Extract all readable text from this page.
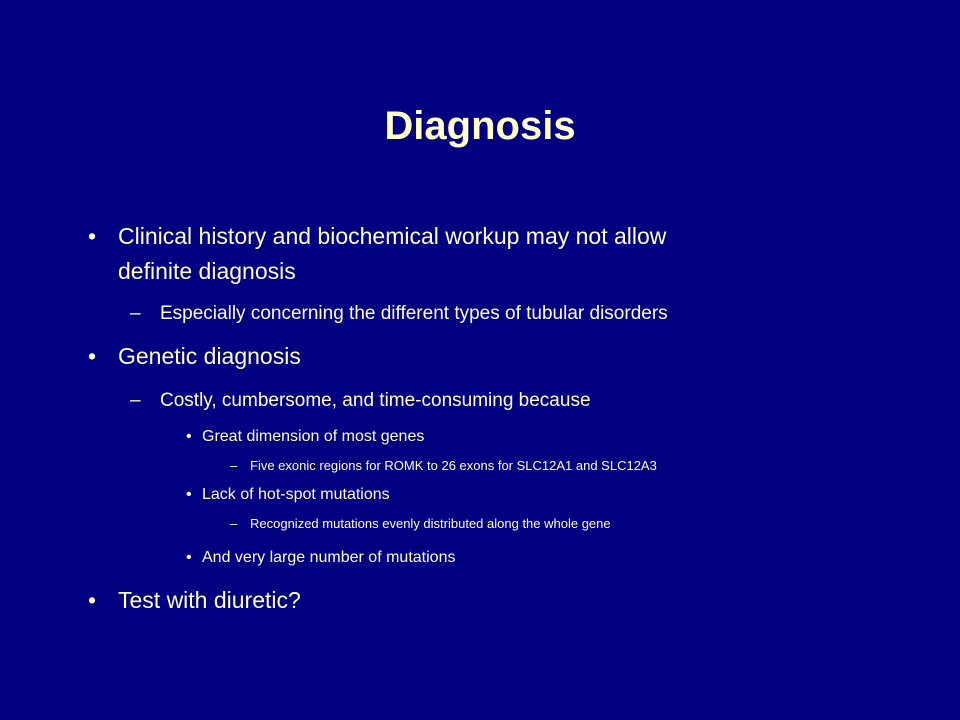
Diagnosis
• Clinical history and biochemical workup may not allow
definite diagnosis
– Especially concerning the different types of tubular disorders
• Genetic diagnosis
– Costly, cumbersome, and time-consuming because
• Great dimension of most genes
– Five exonic regions for ROMK to 26 exons for SLC12A1 and SLC12A3
• Lack of hot-spot mutations
– Recognized mutations evenly distributed along the whole gene
• And very large number of mutations
• Test with diuretic?
